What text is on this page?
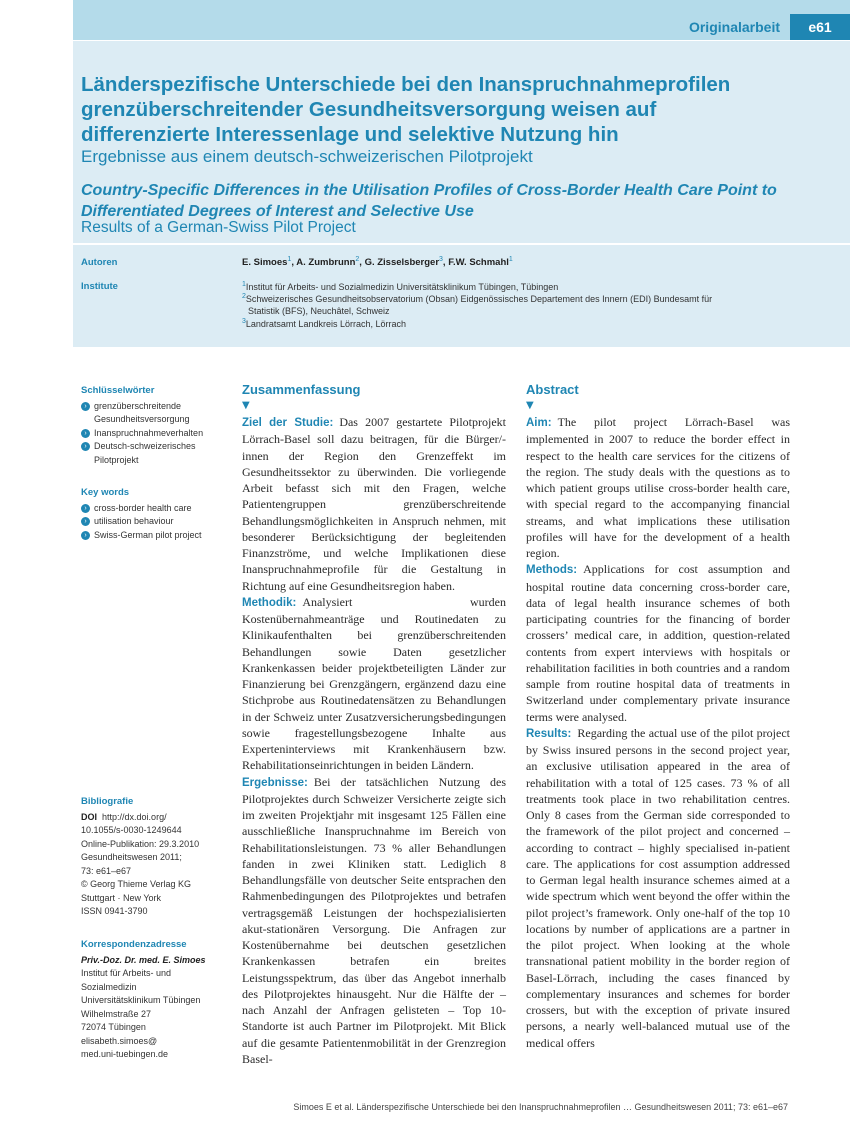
Originalarbeit	e61
Länderspezifische Unterschiede bei den Inanspruchnahmeprofilen grenzüberschreitender Gesundheitsversorgung weisen auf differenzierte Interessenlage und selektive Nutzung hin
Ergebnisse aus einem deutsch-schweizerischen Pilotprojekt
Country-Specific Differences in the Utilisation Profiles of Cross-Border Health Care Point to Differentiated Degrees of Interest and Selective Use
Results of a German-Swiss Pilot Project
Autoren
Institute
E. Simoes$^1$, A. Zumbrunn$^2$, G. Zisselsberger$^3$, F.W. Schmahl$^1$
$^1$Institut für Arbeits- und Sozialmedizin Universitätsklinikum Tübingen, Tübingen
$^2$Schweizerisches Gesundheitsobservatorium (Obsan) Eidgenössisches Departement des Innern (EDI) Bundesamt für
Statistik (BFS), Neuchâtel, Schweiz
$^3$Landratsamt Landkreis Lörrach, Lörrach
Schlüsselwörter
› grenzüberschreitende
Gesundheitsversorgung
› Inanspruchnahmeverhalten
› Deutsch-schweizerisches
Pilotprojekt
Key words
› cross-border health care
› utilisation behaviour
› Swiss-German pilot project
Bibliografie
DOI http://dx.doi.org/
10.1055/s-0030-1249644
Online-Publikation: 29.3.2010
Gesundheitswesen 2011;
73: e61–e67
© Georg Thieme Verlag KG
Stuttgart · New York
ISSN 0941-3790
Korrespondenzadresse
Priv.-Doz. Dr. med. E. Simoes
Institut für Arbeits- und
Sozialmedizin
Universitätsklinikum Tübingen
Wilhelmstraße 27
72074 Tübingen
elisabeth.simoes@
med.uni-tuebingen.de
Zusammenfassung
▼

Ziel der Studie:  Das 2007 gestartete Pilotprojekt Lörrach-Basel soll dazu beitragen, für die Bürger/-innen der Region den Grenzeffekt im Gesundheitssektor zu überwinden. Die vorliegende Arbeit befasst sich mit den Fragen, welche Patientengruppen grenzüberschreitende Behandlungsmöglichkeiten in Anspruch nehmen, mit besonderer Berücksichtigung der begleitenden Finanzströme, und welche Implikationen diese Inanspruchnahmeprofile für die Gestaltung in Richtung auf eine Gesundheitsregion haben.

Methodik:  Analysiert wurden Kostenübernahmeanträge und Routinedaten zu Klinikaufenthalten bei grenzüberschreitenden Behandlungen sowie Daten gesetzlicher Krankenkassen beider projektbeteiligten Länder zur Finanzierung bei Grenzgängern, ergänzend dazu eine Stichprobe aus Routinedatensätzen zu Behandlungen in der Schweiz unter Zusatzversicherungsbedingungen sowie fragestellungsbezogene Inhalte aus Experteninterviews mit Krankenhäusern bzw. Rehabilitationseinrichtungen in beiden Ländern.

Ergebnisse:  Bei der tatsächlichen Nutzung des Pilotprojektes durch Schweizer Versicherte zeigte sich im zweiten Projektjahr mit insgesamt 125 Fällen eine ausschließliche Inanspruchnahme im Bereich von Rehabilitationsleistungen. 73 % aller Behandlungen fanden in zwei Kliniken statt. Lediglich 8 Behandlungsfälle von deutscher Seite entsprachen den Rahmenbedingungen des Pilotprojektes und betrafen vertragsgemäß Leistungen der hochspezialisierten akut-stationären Versorgung. Die Anfragen zur Kostenübernahme bei deutschen gesetzlichen Krankenkassen betrafen ein breites Leistungsspektrum, das über das Angebot innerhalb des Pilotprojektes hinausgeht. Nur die Hälfte der – nach Anzahl der Anfragen gelisteten – Top 10-Standorte ist auch Partner im Pilotprojekt. Mit Blick auf die gesamte Patientenmobilität in der Grenzregion Basel-

Abstract
▼

Aim:  The pilot project Lörrach-Basel was implemented in 2007 to reduce the border effect in respect to the health care services for the citizens of the region. The study deals with the questions as to which patient groups utilise cross-border health care, with special regard to the accompanying financial streams, and what implications these utilisation profiles will have for the development of a health region.

Methods:  Applications for cost assumption and hospital routine data concerning cross-border care, data of legal health insurance schemes of both participating countries for the financing of border crossers’ medical care, in addition, question-related contents from expert interviews with hospitals or rehabilitation facilities in both countries and a random sample from routine hospital data of treatments in Switzerland under complementary private insurance terms were analysed.

Results:  Regarding the actual use of the pilot project by Swiss insured persons in the second project year, an exclusive utilisation appeared in the area of rehabilitation with a total of 125 cases. 73 % of all treatments took place in two rehabilitation centres. Only 8 cases from the German side corresponded to the framework of the pilot project and concerned – according to contract – highly specialised in-patient care. The applications for cost assumption addressed to German legal health insurance schemes aimed at a wide spectrum which went beyond the offer within the pilot project’s framework. Only one-half of the top 10 locations by number of applications are a partner in the pilot project. When looking at the whole transnational patient mobility in the border region of Basel-Lörrach, including the cases financed by complementary insurances and schemes for border crossers, but with the exception of private insured persons, a nearly well-balanced mutual use of the medical offers

Simoes E et al. Länderspezifische Unterschiede bei den Inanspruchnahmeprofilen … Gesundheitswesen 2011; 73: e61–e67
